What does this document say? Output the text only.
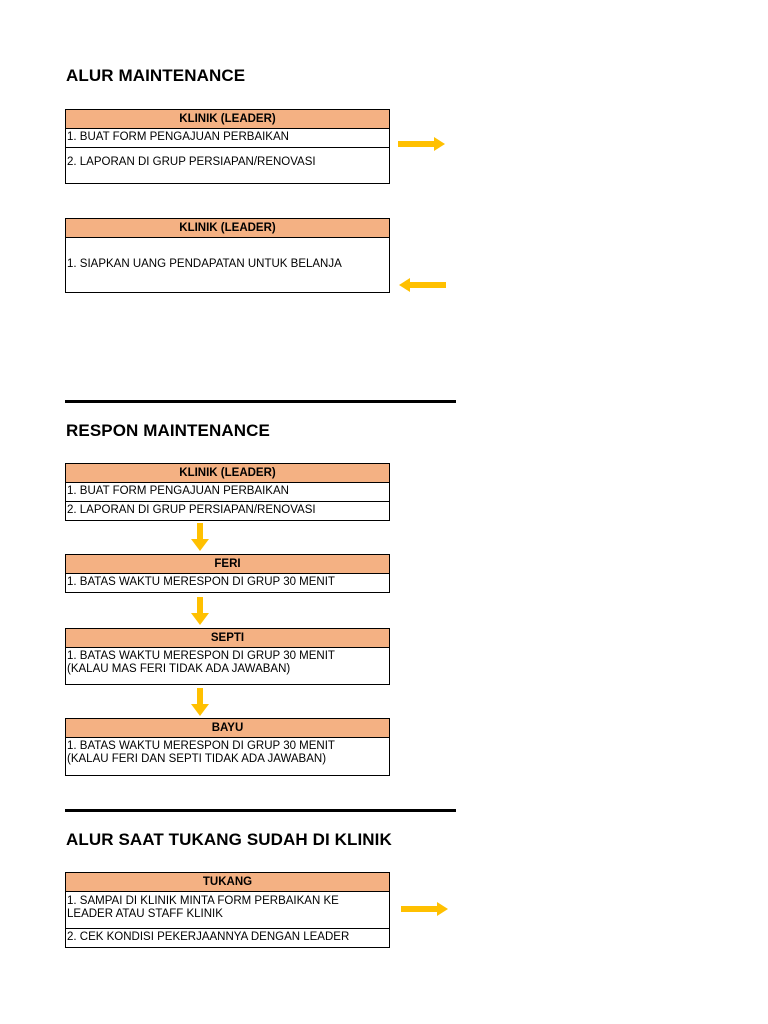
ALUR MAINTENANCE
KLINIK (LEADER)
1. BUAT FORM PENGAJUAN PERBAIKAN
2. LAPORAN DI GRUP PERSIAPAN/RENOVASI
KLINIK (LEADER)
1. SIAPKAN UANG PENDAPATAN UNTUK BELANJA
RESPON MAINTENANCE
KLINIK (LEADER)
1. BUAT FORM PENGAJUAN PERBAIKAN
2. LAPORAN DI GRUP PERSIAPAN/RENOVASI
FERI
1. BATAS WAKTU MERESPON DI GRUP 30 MENIT
SEPTI
1. BATAS WAKTU MERESPON DI GRUP 30 MENIT
(KALAU MAS FERI TIDAK ADA JAWABAN)
BAYU
1. BATAS WAKTU MERESPON DI GRUP 30 MENIT
(KALAU FERI DAN SEPTI TIDAK ADA JAWABAN)
ALUR SAAT TUKANG SUDAH DI KLINIK
TUKANG
1. SAMPAI DI KLINIK MINTA FORM PERBAIKAN KE
LEADER ATAU STAFF KLINIK
2. CEK KONDISI PEKERJAANNYA DENGAN LEADER
